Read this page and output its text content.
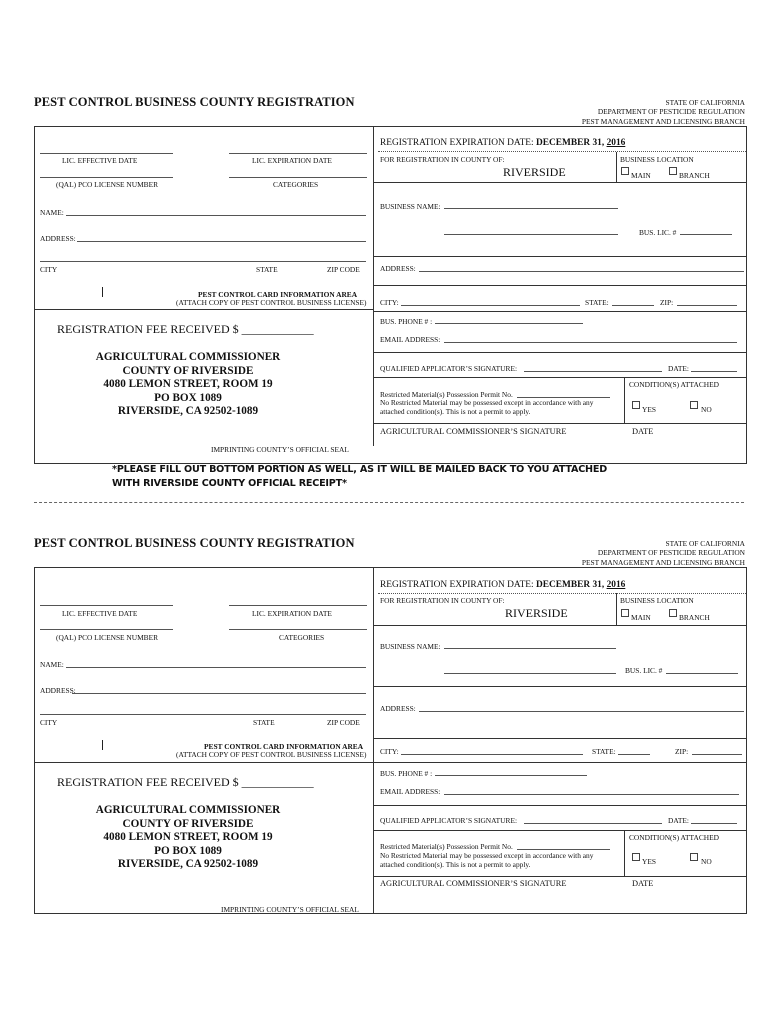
PEST CONTROL BUSINESS COUNTY REGISTRATION	STATE OF CALIFORNIA
DEPARTMENT OF PESTICIDE REGULATION
PEST MANAGEMENT AND LICENSING BRANCH
LIC. EFFECTIVE DATE	LIC. EXPIRATION DATE
(QAL) PCO LICENSE NUMBER	CATEGORIES
NAME:
ADDRESS:
CITY	STATE	ZIP CODE
PEST CONTROL CARD INFORMATION AREA
(ATTACH COPY OF PEST CONTROL BUSINESS LICENSE)
REGISTRATION FEE RECEIVED $ ____________
AGRICULTURAL COMMISSIONER
COUNTY OF RIVERSIDE
4080 LEMON STREET, ROOM 19
PO BOX 1089
RIVERSIDE, CA 92502-1089
IMPRINTING COUNTY’S OFFICIAL SEAL
REGISTRATION EXPIRATION DATE: DECEMBER 31, 2016
FOR REGISTRATION IN COUNTY OF:
RIVERSIDE
BUSINESS LOCATION
MAIN	BRANCH
BUSINESS NAME:
BUS. LIC. #
ADDRESS:
CITY:	STATE:	ZIP:
BUS. PHONE # :
EMAIL ADDRESS:
QUALIFIED APPLICATOR’S SIGNATURE:	DATE:
Restricted Material(s) Possession Permit No.
No Restricted Material may be possessed except in accordance with any
attached condition(s). This is not a permit to apply.
CONDITION(S) ATTACHED
YES	NO
AGRICULTURAL COMMISSIONER’S SIGNATURE	DATE
*PLEASE FILL OUT BOTTOM PORTION AS WELL, AS IT WILL BE MAILED BACK TO YOU ATTACHED
WITH RIVERSIDE COUNTY OFFICIAL RECEIPT*
PEST CONTROL BUSINESS COUNTY REGISTRATION	STATE OF CALIFORNIA
DEPARTMENT OF PESTICIDE REGULATION
PEST MANAGEMENT AND LICENSING BRANCH
LIC. EFFECTIVE DATE	LIC. EXPIRATION DATE
(QAL) PCO LICENSE NUMBER	CATEGORIES
NAME:
ADDRESS:
CITY	STATE	ZIP CODE
PEST CONTROL CARD INFORMATION AREA
(ATTACH COPY OF PEST CONTROL BUSINESS LICENSE)
REGISTRATION FEE RECEIVED $ ____________
AGRICULTURAL COMMISSIONER
COUNTY OF RIVERSIDE
4080 LEMON STREET, ROOM 19
PO BOX 1089
RIVERSIDE, CA 92502-1089
IMPRINTING COUNTY’S OFFICIAL SEAL
REGISTRATION EXPIRATION DATE: DECEMBER 31, 2016
FOR REGISTRATION IN COUNTY OF:
RIVERSIDE
BUSINESS LOCATION
MAIN	BRANCH
BUSINESS NAME:
BUS. LIC. #
ADDRESS:
CITY:	STATE:	ZIP:
BUS. PHONE # :
EMAIL ADDRESS:
QUALIFIED APPLICATOR’S SIGNATURE:	DATE:
Restricted Material(s) Possession Permit No.
No Restricted Material may be possessed except in accordance with any
attached condition(s). This is not a permit to apply.
CONDITION(S) ATTACHED
YES	NO
AGRICULTURAL COMMISSIONER’S SIGNATURE	DATE
